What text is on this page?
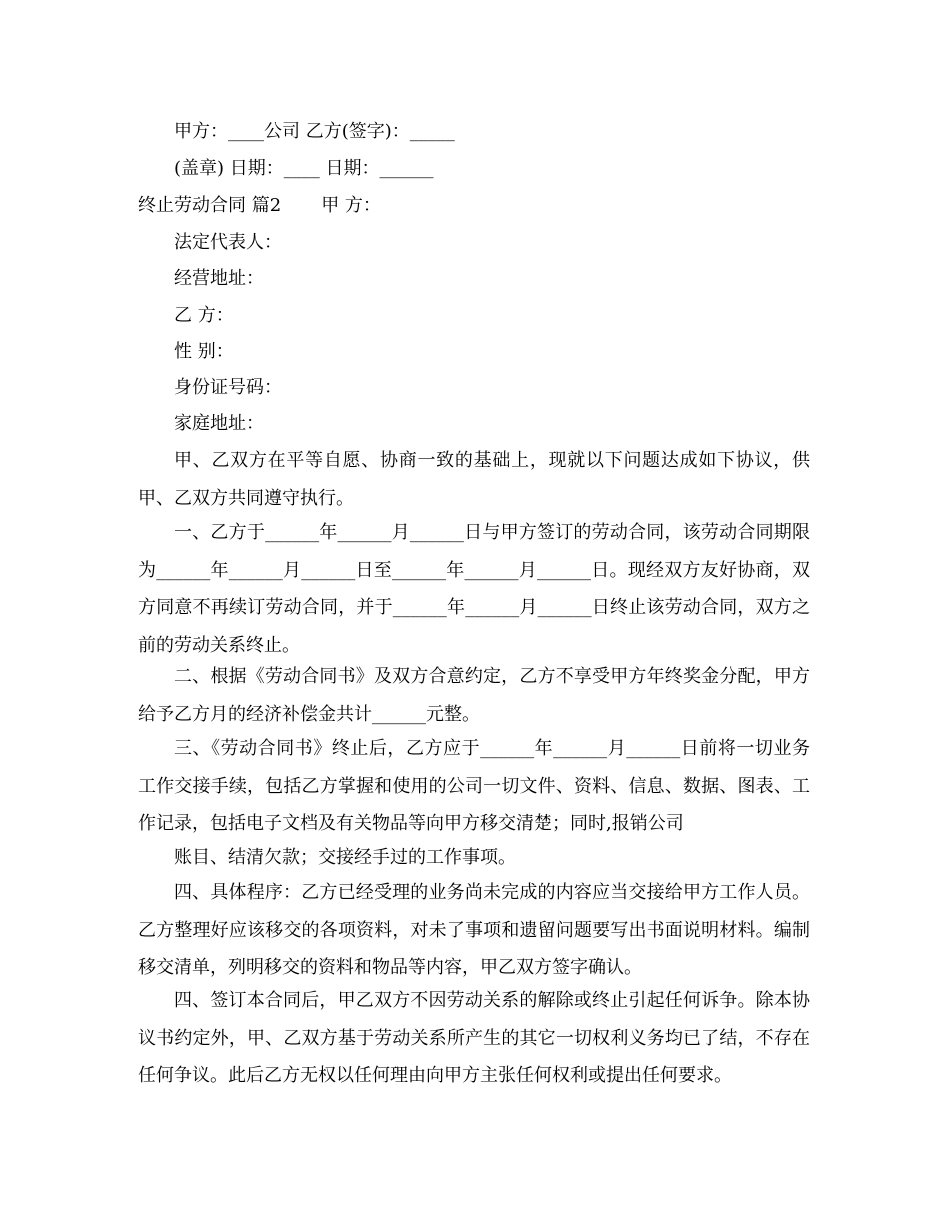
甲方：____公司 乙方(签字)：_____
(盖章) 日期：____ 日期：______
终止劳动合同 篇2 甲 方：
法定代表人：
经营地址：
乙 方：
性 别：
身份证号码：
家庭地址：
甲、乙双方在平等自愿、协商一致的基础上，现就以下问题达成如下协议，供甲、乙双方共同遵守执行。
一、乙方于______年______月______日与甲方签订的劳动合同，该劳动合同期限为______年______月______日至______年______月______日。现经双方友好协商，双方同意不再续订劳动合同，并于______年______月______日终止该劳动合同，双方之前的劳动关系终止。
二、根据《劳动合同书》及双方合意约定，乙方不享受甲方年终奖金分配，甲方给予乙方月的经济补偿金共计______元整。
三、《劳动合同书》终止后，乙方应于______年______月______日前将一切业务工作交接手续，包括乙方掌握和使用的公司一切文件、资料、信息、数据、图表、工作记录，包括电子文档及有关物品等向甲方移交清楚；同时,报销公司
账目、结清欠款；交接经手过的工作事项。
四、具体程序：乙方已经受理的业务尚未完成的内容应当交接给甲方工作人员。乙方整理好应该移交的各项资料，对未了事项和遗留问题要写出书面说明材料。编制移交清单，列明移交的资料和物品等内容，甲乙双方签字确认。
四、签订本合同后，甲乙双方不因劳动关系的解除或终止引起任何诉争。除本协议书约定外，甲、乙双方基于劳动关系所产生的其它一切权利义务均已了结，不存在任何争议。此后乙方无权以任何理由向甲方主张任何权利或提出任何要求。
